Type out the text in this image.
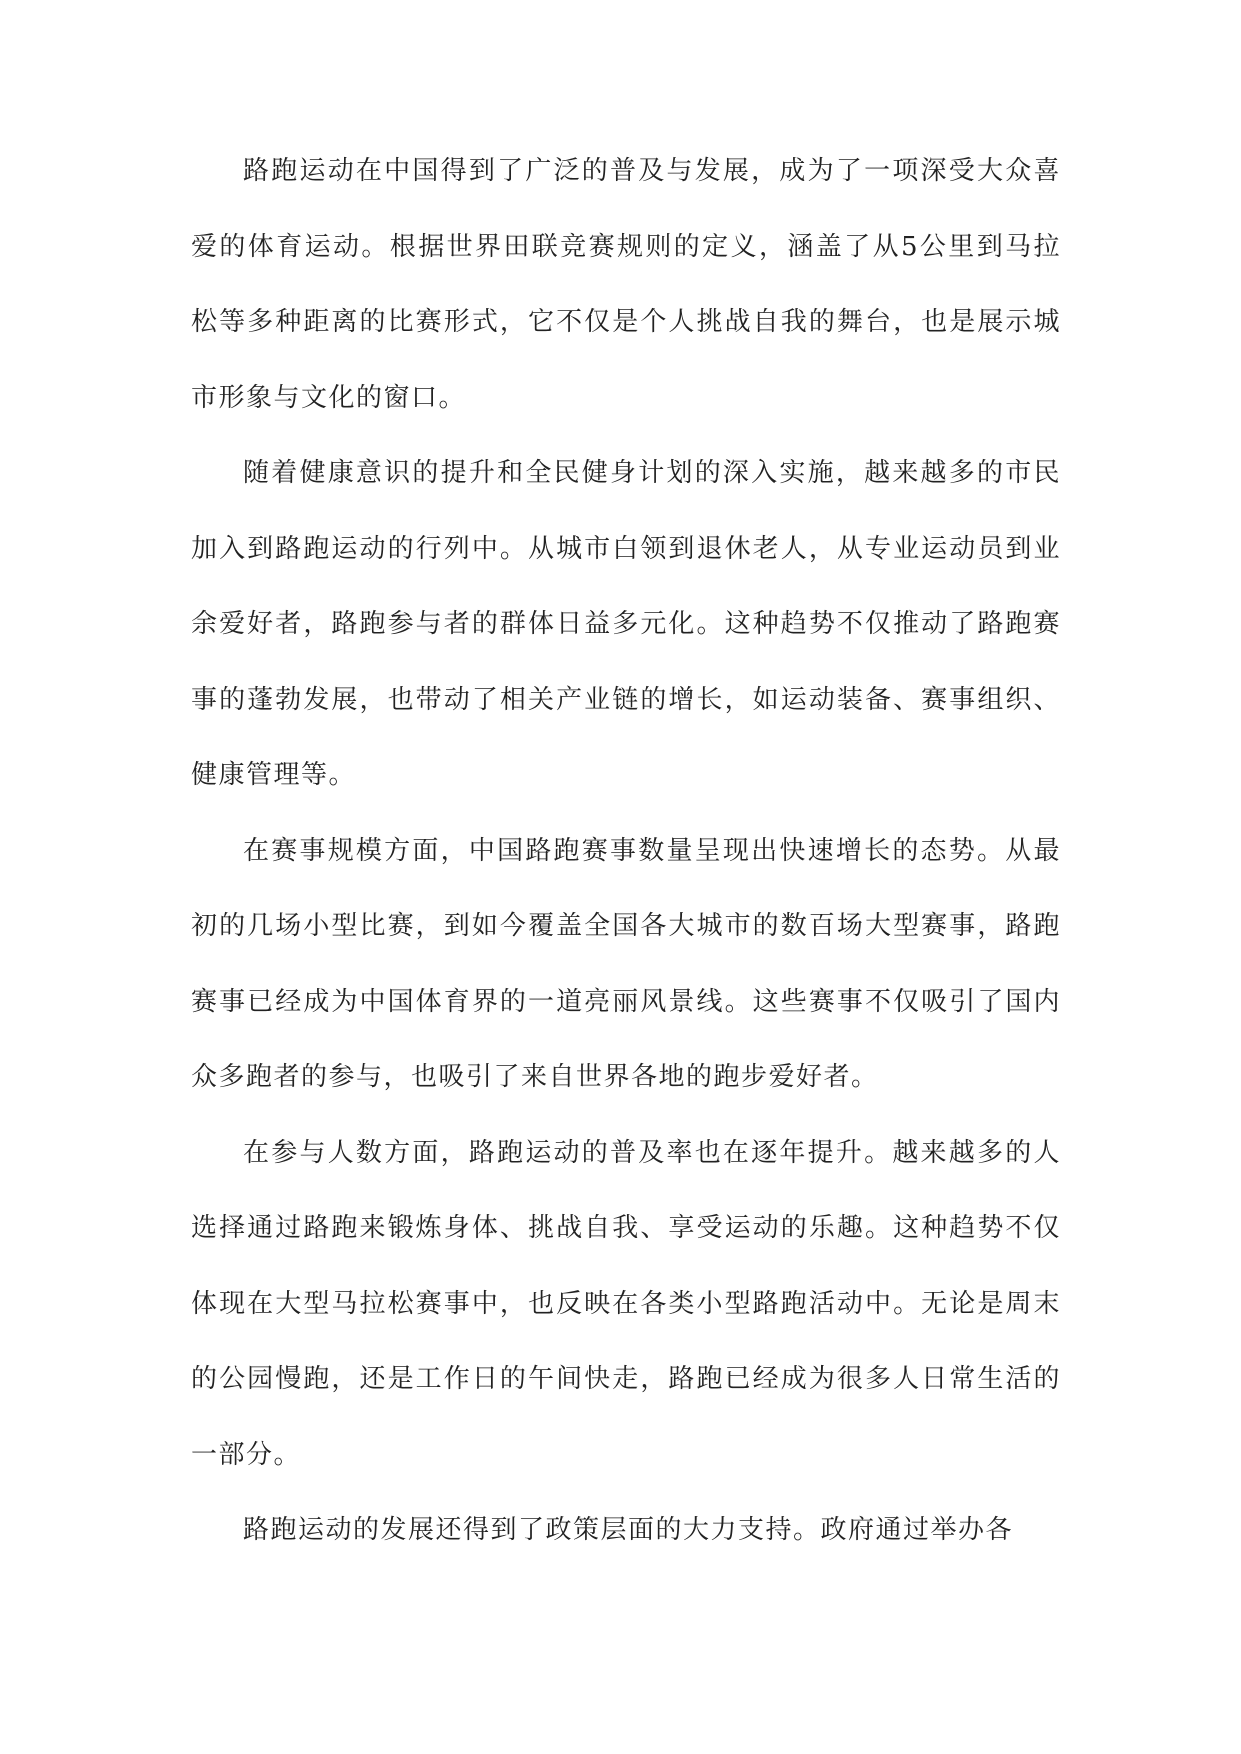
路跑运动在中国得到了广泛的普及与发展，成为了一项深受大众喜爱的体育运动。根据世界田联竞赛规则的定义，涵盖了从5公里到马拉松等多种距离的比赛形式，它不仅是个人挑战自我的舞台，也是展示城市形象与文化的窗口。

随着健康意识的提升和全民健身计划的深入实施，越来越多的市民加入到路跑运动的行列中。从城市白领到退休老人，从专业运动员到业余爱好者，路跑参与者的群体日益多元化。这种趋势不仅推动了路跑赛事的蓬勃发展，也带动了相关产业链的增长，如运动装备、赛事组织、健康管理等。

在赛事规模方面，中国路跑赛事数量呈现出快速增长的态势。从最初的几场小型比赛，到如今覆盖全国各大城市的数百场大型赛事，路跑赛事已经成为中国体育界的一道亮丽风景线。这些赛事不仅吸引了国内众多跑者的参与，也吸引了来自世界各地的跑步爱好者。

在参与人数方面，路跑运动的普及率也在逐年提升。越来越多的人选择通过路跑来锻炼身体、挑战自我、享受运动的乐趣。这种趋势不仅体现在大型马拉松赛事中，也反映在各类小型路跑活动中。无论是周末的公园慢跑，还是工作日的午间快走，路跑已经成为很多人日常生活的一部分。

路跑运动的发展还得到了政策层面的大力支持。政府通过举办各
